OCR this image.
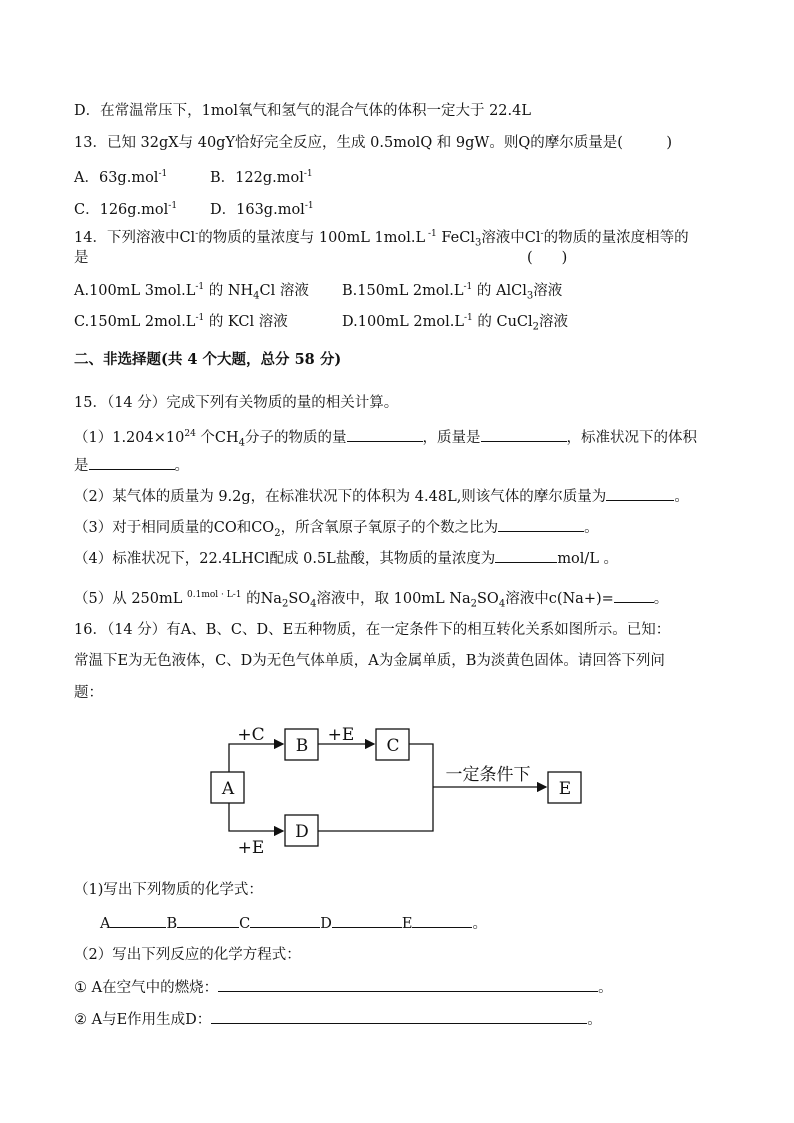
D．在常温常压下，1mol氧气和氢气的混合气体的体积一定大于 22.4L
13．已知 32gX与 40gY恰好完全反应，生成 0.5molQ 和 9gW。则Q的摩尔质量是(　　　)
A．63g.mol$^{-1}$	B．122g.mol$^{-1}$
C．126g.mol$^{-1}$ D．163g.mol$^{-1}$
14．下列溶液中Cl-的物质的量浓度与 100mL 1mol.L $^{-1}$ FeCl$_3$溶液中Cl-的物质的量浓度相等的
是	(　　)
A.100mL $3mol.L^{-1}$ 的 $NH_4Cl$ 溶液 B.150mL $2mol.L^{-1}$ 的 AlCl$_3$溶液
C.150mL $2mol.L^{-1}$ 的 KCl 溶液	D.100mL $2mol.L^{-1}$ 的 CuCl$_2$溶液
二、非选择题(共 4 个大题，总分 58 分)
15．（14 分）完成下列有关物质的量的相关计算。
$(1)1.204\times 10^{24}$ 个$CH_4$分子的物质的量	，质量是	，标准状况下的体积
是	。
（2）某气体的质量为 9.2g，在标准状况下的体积为 4.48L,则该气体的摩尔质量为	。
（3）对于相同质量的CO和$CO_2$，所含氧原子氧原子的个数之比为	。
（4）标准状况下，22.4LHCl配成 0.5L盐酸，其物质的量浓度为	mol/L 。
（5）从 250mL $^{0.1mol \cdot L-1}$ 的$Na_2SO_4$溶液中，取 100mL $Na_2SO_4$溶液中c(Na+)=	。
16．（14 分）有A、B、C、D、E五种物质，在一定条件下的相互转化关系如图所示。已知：
常温下E为无色液体，C、D为无色气体单质，A为金属单质，B为淡黄色固体。请回答下列问
题：
A
B	C
D
E
+C	+E
+E
一定条件下
（1)写出下列物质的化学式：
A	B	C	D	E	。
（2）写出下列反应的化学方程式：
① A在空气中的燃烧：	。
② A与E作用生成D：	。
